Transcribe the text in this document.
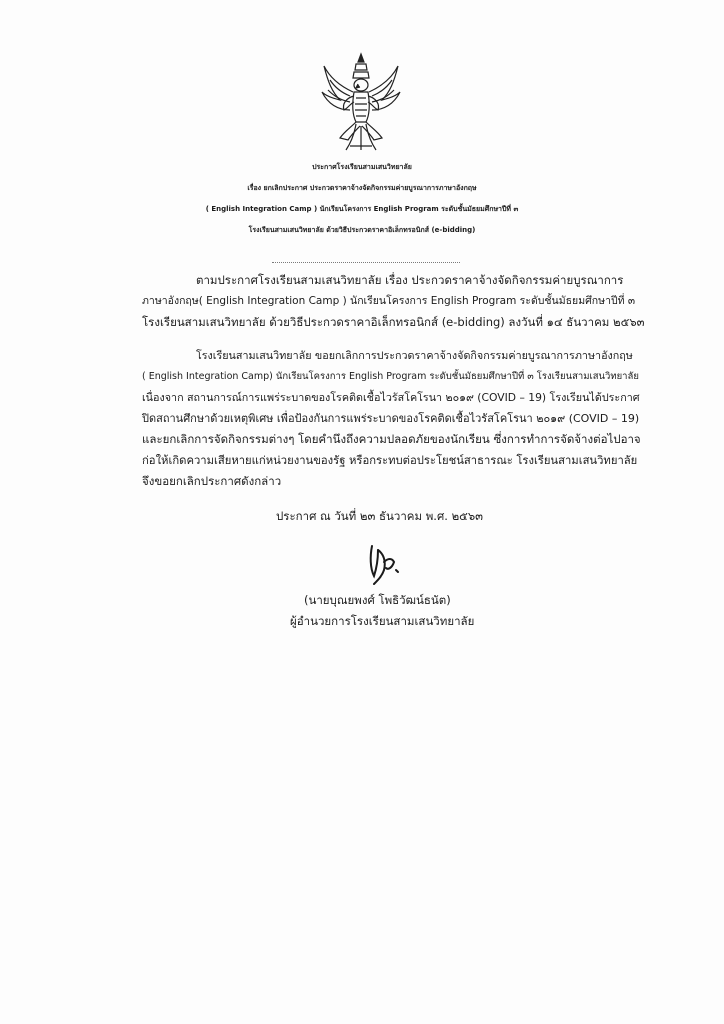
ประกาศโรงเรียนสามเสนวิทยาลัย
เรื่อง ยกเลิกประกาศ ประกวดราคาจ้างจัดกิจกรรมค่ายบูรณาการภาษาอังกฤษ
( English Integration Camp ) นักเรียนโครงการ English Program ระดับชั้นมัธยมศึกษาปีที่ ๓
โรงเรียนสามเสนวิทยาลัย ด้วยวิธีประกวดราคาอิเล็กทรอนิกส์ (e-bidding)
ตามประกาศโรงเรียนสามเสนวิทยาลัย เรื่อง ประกวดราคาจ้างจัดกิจกรรมค่ายบูรณาการ
ภาษาอังกฤษ( English Integration Camp ) นักเรียนโครงการ English Program ระดับชั้นมัธยมศึกษาปีที่ ๓
โรงเรียนสามเสนวิทยาลัย ด้วยวิธีประกวดราคาอิเล็กทรอนิกส์ (e-bidding) ลงวันที่ ๑๔ ธันวาคม ๒๕๖๓
โรงเรียนสามเสนวิทยาลัย ขอยกเลิกการประกวดราคาจ้างจัดกิจกรรมค่ายบูรณาการภาษาอังกฤษ
( English Integration Camp) นักเรียนโครงการ English Program ระดับชั้นมัธยมศึกษาปีที่ ๓ โรงเรียนสามเสนวิทยาลัย
เนื่องจาก สถานการณ์การแพร่ระบาดของโรคติดเชื้อไวรัสโคโรนา ๒๐๑๙ (COVID – 19) โรงเรียนได้ประกาศ
ปิดสถานศึกษาด้วยเหตุพิเศษ เพื่อป้องกันการแพร่ระบาดของโรคติดเชื้อไวรัสโคโรนา ๒๐๑๙ (COVID – 19)
และยกเลิกการจัดกิจกรรมต่างๆ โดยคำนึงถึงความปลอดภัยของนักเรียน ซึ่งการทำการจัดจ้างต่อไปอาจ
ก่อให้เกิดความเสียหายแก่หน่วยงานของรัฐ หรือกระทบต่อประโยชน์สาธารณะ โรงเรียนสามเสนวิทยาลัย
จึงขอยกเลิกประกาศดังกล่าว
ประกาศ ณ วันที่ ๒๓ ธันวาคม พ.ศ. ๒๕๖๓
(นายบุณยพงศ์ โพธิวัฒน์ธนัต)
ผู้อำนวยการโรงเรียนสามเสนวิทยาลัย
